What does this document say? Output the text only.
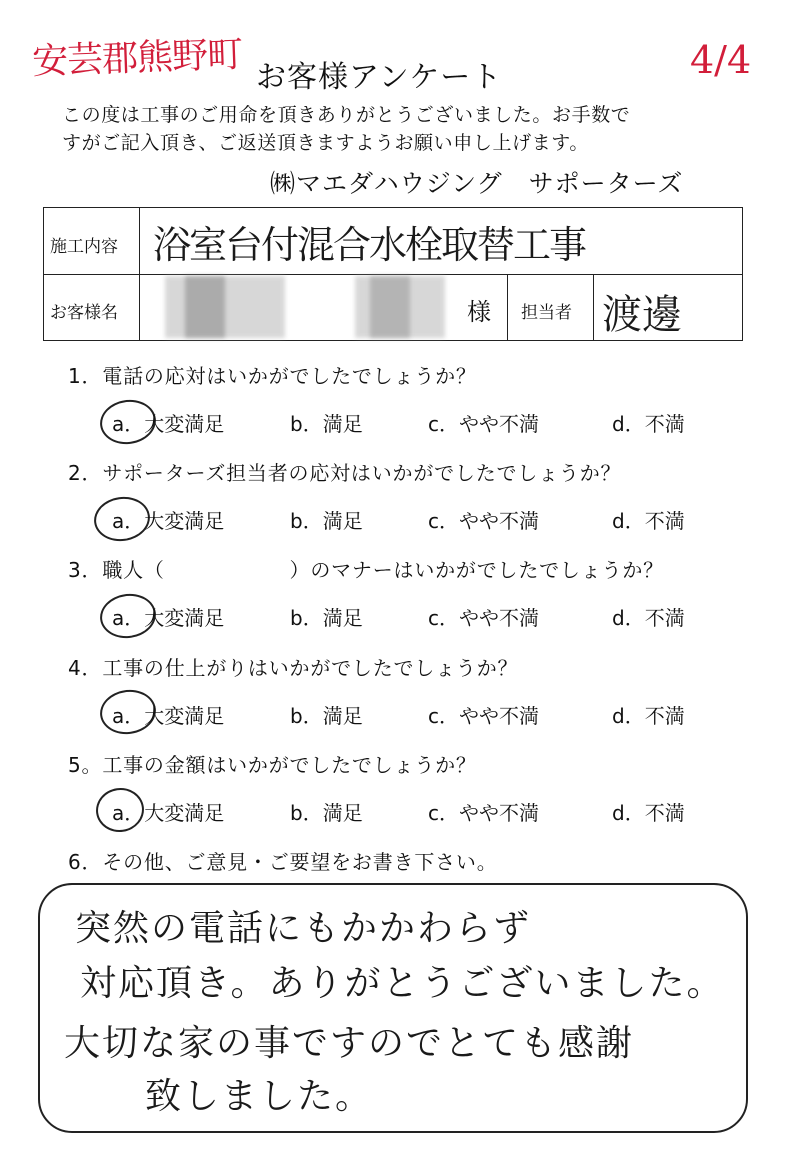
安芸郡熊野町	4/4
お客様アンケート
この度は工事のご用命を頂きありがとうございました。お手数で
すがご記入頂き、ご返送頂きますようお願い申し上げます。
㈱マエダハウジング　サポーターズ
施工内容 浴室台付混合水栓取替工事
お客様名	様 担当者 渡邊
1．電話の応対はいかがでしたでしょうか？
a．大変満足	b．満足	c．やや不満	d．不満
2．サポーターズ担当者の応対はいかがでしたでしょうか？
a．大変満足	b．満足	c．やや不満	d．不満
3．職人（　　　　　　）のマナーはいかがでしたでしょうか？
a．大変満足	b．満足	c．やや不満	d．不満
4．工事の仕上がりはいかがでしたでしょうか？
a．大変満足	b．満足	c．やや不満	d．不満
5。工事の金額はいかがでしたでしょうか？
a．大変満足	b．満足	c．やや不満	d．不満
6．その他、ご意見・ご要望をお書き下さい。
突然の電話にもかかわらず
対応頂き。ありがとうございました。
大切な家の事ですのでとても感謝
致しました。
